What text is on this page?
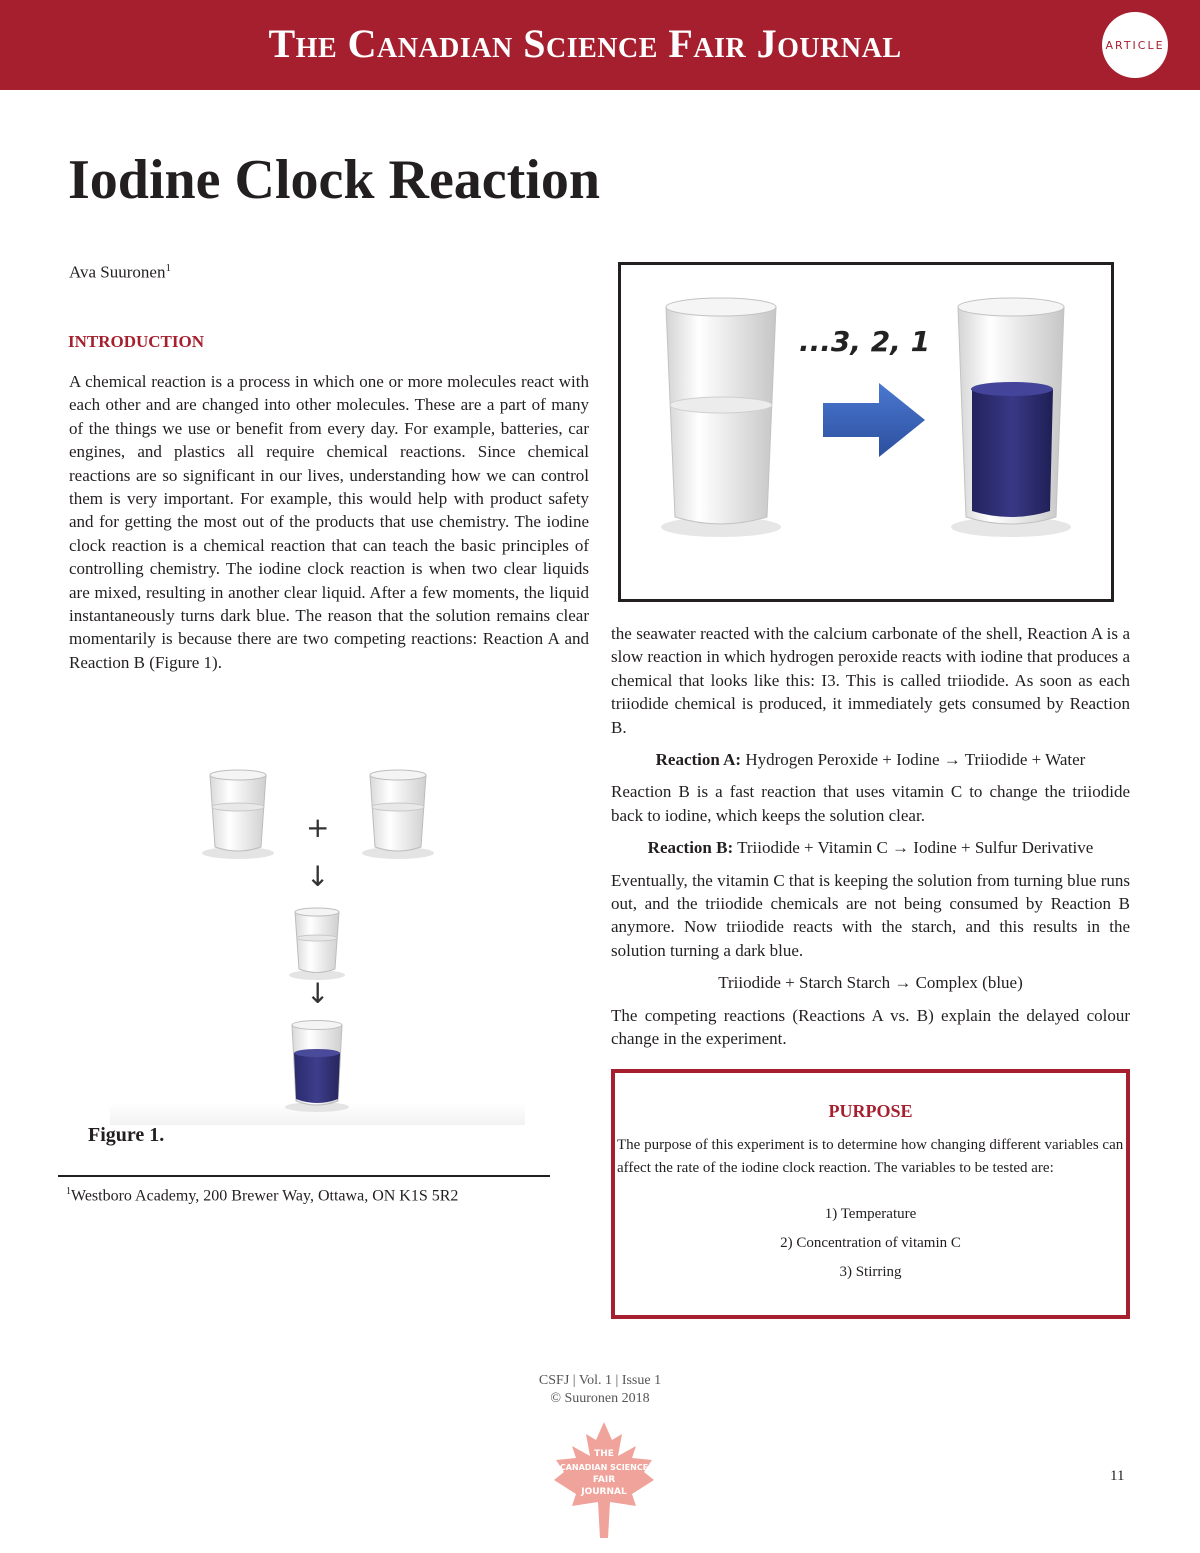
The Canadian Science Fair Journal	ARTICLE
Iodine Clock Reaction
Ava Suuronen$^1$
INTRODUCTION

A chemical reaction is a process in which one or more molecules react with each other and are changed into other molecules. These are a part of many of the things we use or benefit from every day. For example, batteries, car engines, and plastics all require chemical reactions. Since chemical reactions are so significant in our lives, understanding how we can control them is very important. For example, this would help with product safety and for getting the most out of the products that use chemistry. The iodine clock reaction is a chemical reaction that can teach the basic principles of controlling chemistry. The iodine clock reaction is when two clear liquids are mixed, resulting in another clear liquid. After a few moments, the liquid instantaneously turns dark blue. The reason that the solution remains clear momentarily is because there are two competing reactions: Reaction A and Reaction B (Figure 1).

+
↓
↓
Figure 1.
$^1$Westboro Academy, 200 Brewer Way, Ottawa, ON K1S 5R2
...3, 2, 1

the seawater reacted with the calcium carbonate of the shell, Reaction A is a slow reaction in which hydrogen peroxide reacts with iodine that produces a chemical that looks like this: I3. This is called triiodide. As soon as each triiodide chemical is produced, it immediately gets consumed by Reaction B.

Reaction A: Hydrogen Peroxide + Iodine → Triiodide + Water

Reaction B is a fast reaction that uses vitamin C to change the triiodide back to iodine, which keeps the solution clear.

Reaction B: Triiodide + Vitamin C → Iodine + Sulfur Derivative

Eventually, the vitamin C that is keeping the solution from turning blue runs out, and the triiodide chemicals are not being consumed by Reaction B anymore. Now triiodide reacts with the starch, and this results in the solution turning a dark blue.

Triiodide + Starch Starch → Complex (blue)

The competing reactions (Reactions A vs. B) explain the delayed colour change in the experiment.

PURPOSE

The purpose of this experiment is to determine how changing different variables can affect the rate of the iodine clock reaction. The variables to be tested are:

1) Temperature
2) Concentration of vitamin C
3) Stirring
CSFJ | Vol. 1 | Issue 1
© Suuronen 2018
THE
CANADIAN SCIENCE
FAIR
JOURNAL
11
